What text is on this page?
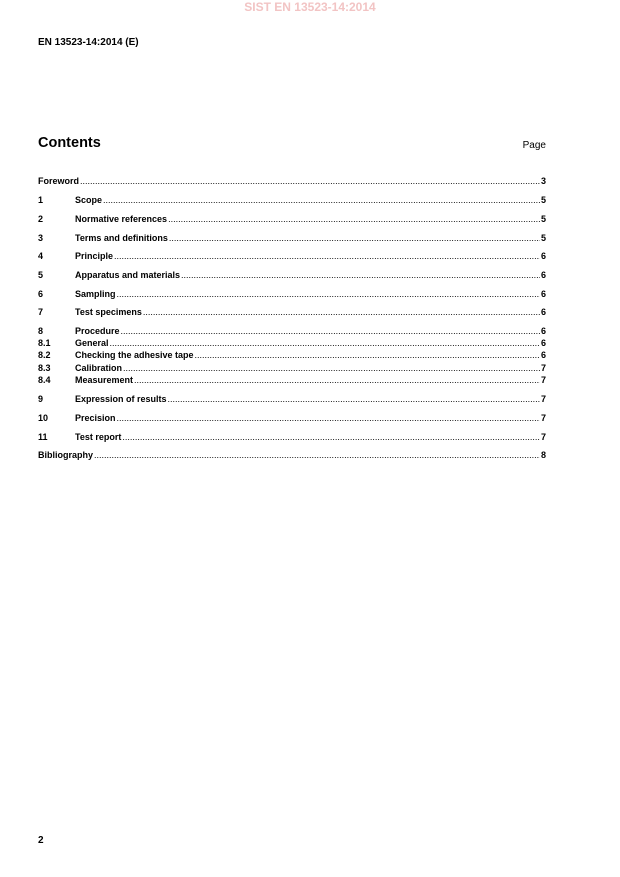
SIST EN 13523-14:2014
EN 13523-14:2014 (E)
Contents	Page
Foreword .....	3
1	Scope .....	5
2	Normative references .....	5
3	Terms and definitions .....	5
4	Principle .....	6
5	Apparatus and materials .....	6
6	Sampling .....	6
7	Test specimens .....	6
8	Procedure .....	6
8.1	General .....	6
8.2	Checking the adhesive tape .....	6
8.3	Calibration .....	7
8.4	Measurement .....	7
9	Expression of results .....	7
10	Precision .....	7
11	Test report .....	7
Bibliography .....	8
2
